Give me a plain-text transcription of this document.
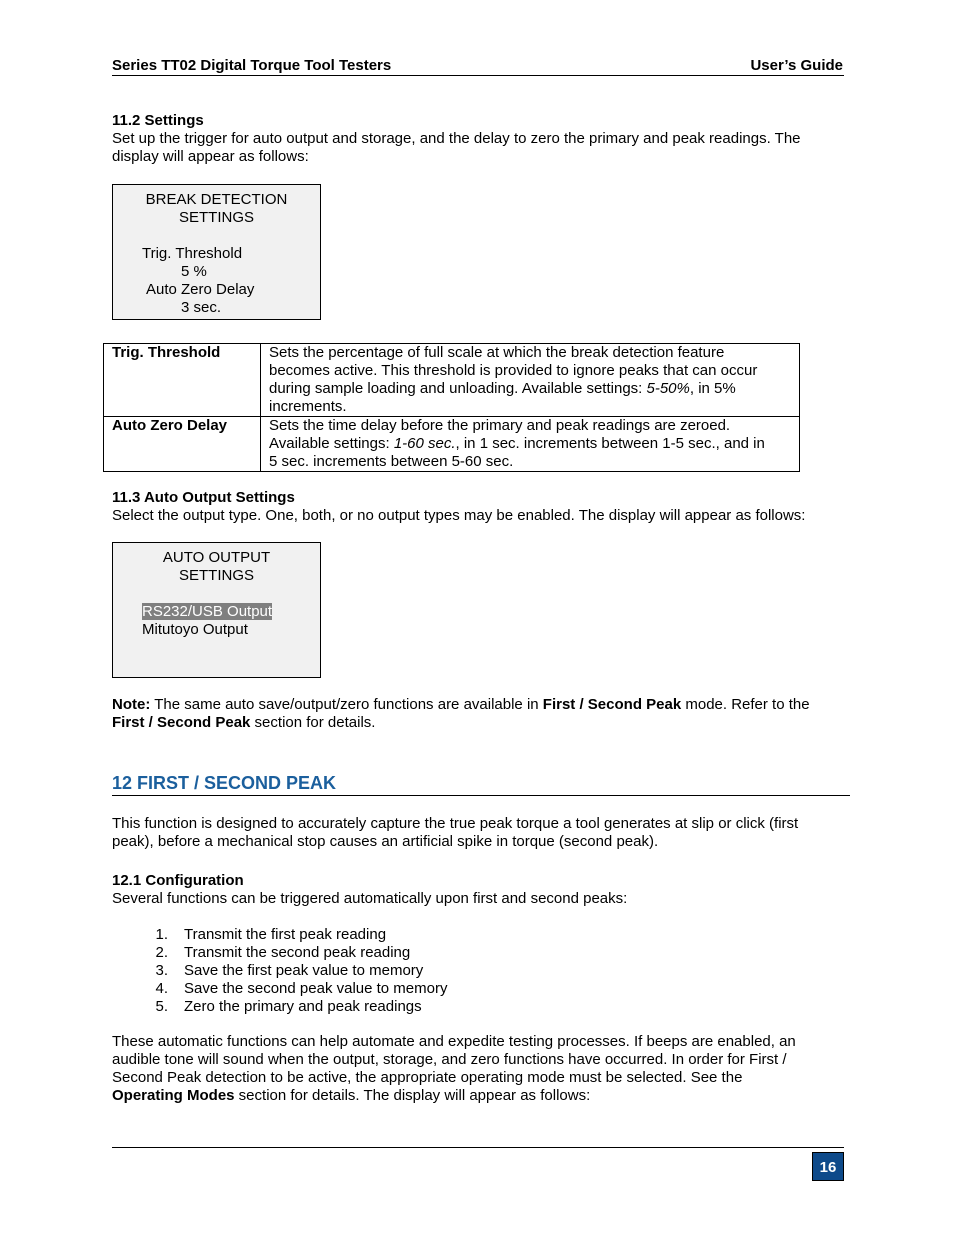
Series TT02 Digital Torque Tool Testers	User’s Guide
11.2 Settings
Set up the trigger for auto output and storage, and the delay to zero the primary and peak readings. The
display will appear as follows:
BREAK DETECTION
SETTINGS
Trig. Threshold
5 %
Auto Zero Delay
3 sec.
Trig. Threshold	Sets the percentage of full scale at which the break detection feature
becomes active. This threshold is provided to ignore peaks that can occur
during sample loading and unloading. Available settings: 5-50%, in 5%
increments.

Auto Zero Delay	Sets the time delay before the primary and peak readings are zeroed.
Available settings: 1-60 sec., in 1 sec. increments between 1-5 sec., and in
5 sec. increments between 5-60 sec.
11.3 Auto Output Settings
Select the output type. One, both, or no output types may be enabled. The display will appear as follows:
AUTO OUTPUT
SETTINGS
RS232/USB Output
Mitutoyo Output
Note: The same auto save/output/zero functions are available in First / Second Peak mode. Refer to the
First / Second Peak section for details.
12 FIRST / SECOND PEAK
This function is designed to accurately capture the true peak torque a tool generates at slip or click (first
peak), before a mechanical stop causes an artificial spike in torque (second peak).
12.1 Configuration
Several functions can be triggered automatically upon first and second peaks:
1. Transmit the first peak reading
2. Transmit the second peak reading
3. Save the first peak value to memory
4. Save the second peak value to memory
5. Zero the primary and peak readings
These automatic functions can help automate and expedite testing processes. If beeps are enabled, an
audible tone will sound when the output, storage, and zero functions have occurred. In order for First /
Second Peak detection to be active, the appropriate operating mode must be selected. See the
Operating Modes section for details. The display will appear as follows:
16
